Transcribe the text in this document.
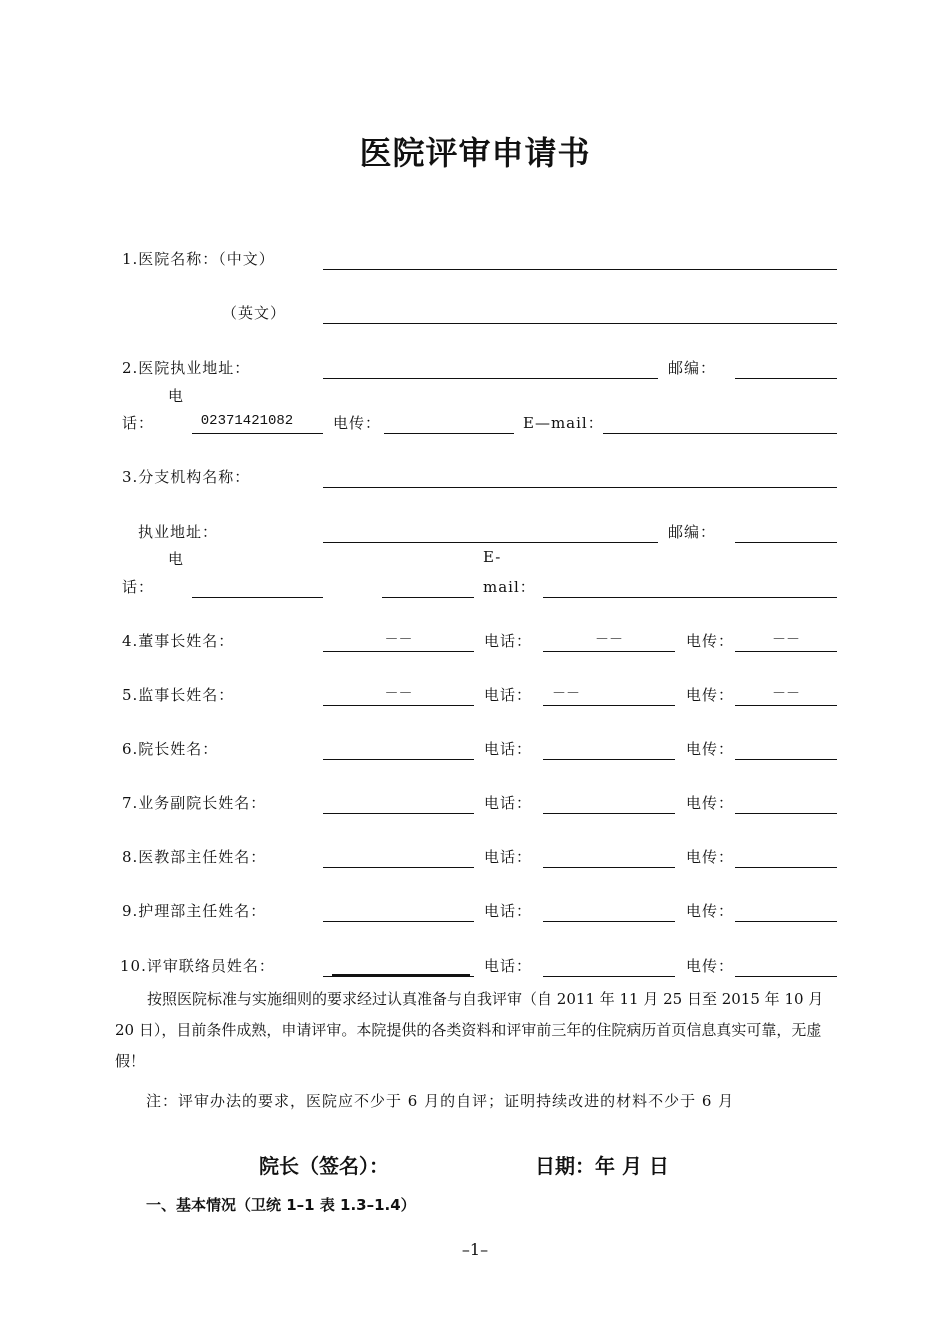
医院评审申请书
1.医院名称：（中文）
（英文）
2.医院执业地址：	邮编：
电
话：	02371421082	电传：	E—mail：
3.分支机构名称：
执业地址：	邮编：
电
话：
E-
mail：
4.董事长姓名：	－－	电话：	－－	电传：	－－
5.监事长姓名：	－－	电话：	－－	电传：	－－
6.院长姓名：	电话：	电传：
7.业务副院长姓名：	电话：	电传：
8.医教部主任姓名：	电话：	电传：
9.护理部主任姓名：	电话：	电传：
10.评审联络员姓名：	电话：	电传：
按照医院标准与实施细则的要求经过认真准备与自我评审（自 2011 年 11 月 25 日至 2015 年 10 月 20 日），目前条件成熟，申请评审。本院提供的各类资料和评审前三年的住院病历首页信息真实可靠，无虚假！
注：评审办法的要求，医院应不少于 6 月的自评；证明持续改进的材料不少于 6 月
院长（签名）：	日期：年 月 日
一、基本情况（卫统 1–1 表 1.3–1.4）
–1–
